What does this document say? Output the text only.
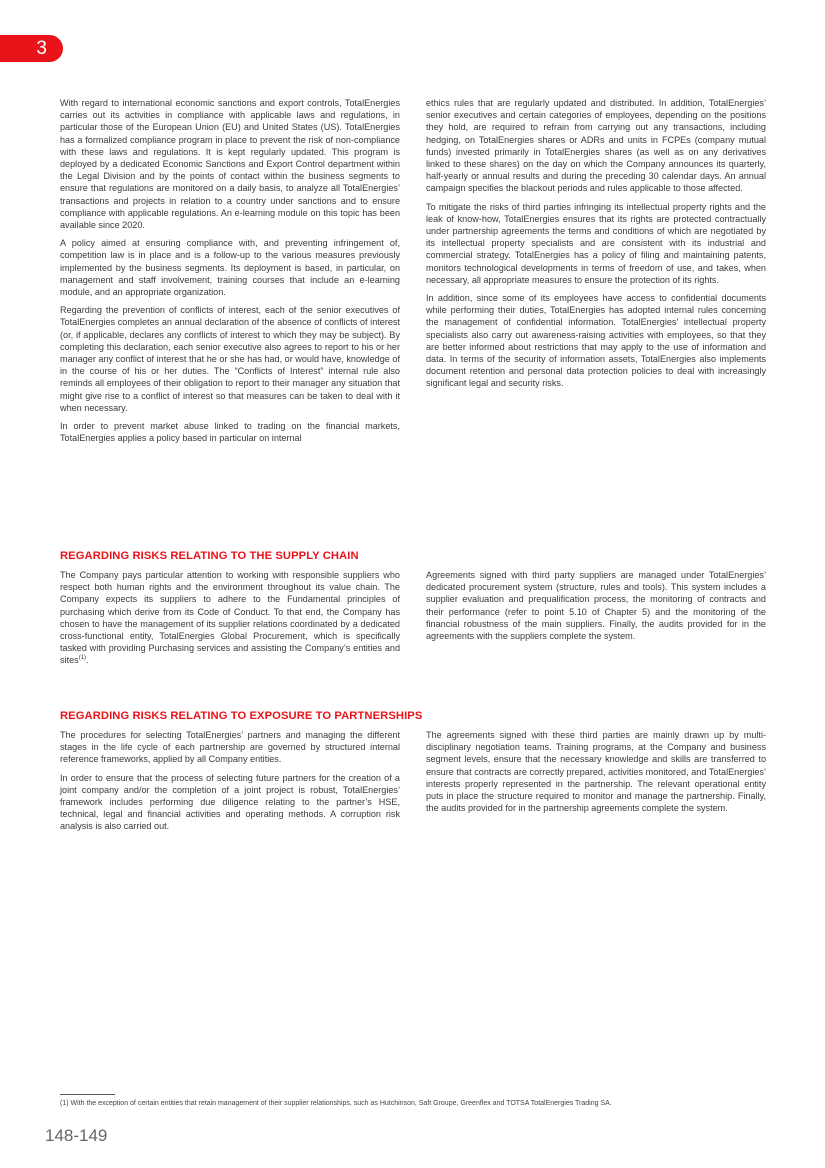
3

With regard to international economic sanctions and export controls, TotalEnergies carries out its activities in compliance with applicable laws and regulations, in particular those of the European Union (EU) and United States (US). TotalEnergies has a formalized compliance program in place to prevent the risk of non-compliance with these laws and regulations. It is kept regularly updated. This program is deployed by a dedicated Economic Sanctions and Export Control department within the Legal Division and by the points of contact within the business segments to ensure that regulations are monitored on a daily basis, to analyze all TotalEnergies’ transactions and projects in relation to a country under sanctions and to ensure compliance with applicable regulations. An e-learning module on this topic has been available since 2020.

A policy aimed at ensuring compliance with, and preventing infringement of, competition law is in place and is a follow-up to the various measures previously implemented by the business segments. Its deployment is based, in particular, on management and staff involvement, training courses that include an e-learning module, and an appropriate organization.

Regarding the prevention of conflicts of interest, each of the senior executives of TotalEnergies completes an annual declaration of the absence of conflicts of interest (or, if applicable, declares any conflicts of interest to which they may be subject). By completing this declaration, each senior executive also agrees to report to his or her manager any conflict of interest that he or she has had, or would have, knowledge of in the course of his or her duties. The “Conflicts of Interest” internal rule also reminds all employees of their obligation to report to their manager any situation that might give rise to a conflict of interest so that measures can be taken to deal with it when necessary.

In order to prevent market abuse linked to trading on the financial markets, TotalEnergies applies a policy based in particular on internal

ethics rules that are regularly updated and distributed. In addition, TotalEnergies’ senior executives and certain categories of employees, depending on the positions they hold, are required to refrain from carrying out any transactions, including hedging, on TotalEnergies shares or ADRs and units in FCPEs (company mutual funds) invested primarily in TotalEnergies shares (as well as on any derivatives linked to these shares) on the day on which the Company announces its quarterly, half-yearly or annual results and during the preceding 30 calendar days. An annual campaign specifies the blackout periods and rules applicable to those affected.

To mitigate the risks of third parties infringing its intellectual property rights and the leak of know-how, TotalEnergies ensures that its rights are protected contractually under partnership agreements the terms and conditions of which are negotiated by its intellectual property specialists and are consistent with its industrial and commercial strategy. TotalEnergies has a policy of filing and maintaining patents, monitors technological developments in terms of freedom of use, and takes, when necessary, all appropriate measures to ensure the protection of its rights.

In addition, since some of its employees have access to confidential documents while performing their duties, TotalEnergies has adopted internal rules concerning the management of confidential information. TotalEnergies’ intellectual property specialists also carry out awareness-raising activities with employees, so that they are better informed about restrictions that may apply to the use of information and data. In terms of the security of information assets, TotalEnergies also implements document retention and personal data protection policies to deal with increasingly significant legal and security risks.

REGARDING RISKS RELATING TO THE SUPPLY CHAIN

The Company pays particular attention to working with responsible suppliers who respect both human rights and the environment throughout its value chain. The Company expects its suppliers to adhere to the Fundamental principles of purchasing which derive from its Code of Conduct. To that end, the Company has chosen to have the management of its supplier relations coordinated by a dedicated cross-functional entity, TotalEnergies Global Procurement, which is specifically tasked with providing Purchasing services and assisting the Company’s entities and sites$^{(1)}$.

Agreements signed with third party suppliers are managed under TotalEnergies’ dedicated procurement system (structure, rules and tools). This system includes a supplier evaluation and prequalification process, the monitoring of contracts and their performance (refer to point 5.10 of Chapter 5) and the monitoring of the financial robustness of the main suppliers. Finally, the audits provided for in the agreements with the suppliers complete the system.

REGARDING RISKS RELATING TO EXPOSURE TO PARTNERSHIPS

The procedures for selecting TotalEnergies’ partners and managing the different stages in the life cycle of each partnership are governed by structured internal reference frameworks, applied by all Company entities.

In order to ensure that the process of selecting future partners for the creation of a joint company and/or the completion of a joint project is robust, TotalEnergies’ framework includes performing due diligence relating to the partner’s HSE, technical, legal and financial activities and operating methods. A corruption risk analysis is also carried out.

The agreements signed with these third parties are mainly drawn up by multi-disciplinary negotiation teams. Training programs, at the Company and business segment levels, ensure that the necessary knowledge and skills are transferred to ensure that contracts are correctly prepared, activities monitored, and TotalEnergies’ interests properly represented in the partnership. The relevant operational entity puts in place the structure required to monitor and manage the partnership. Finally, the audits provided for in the partnership agreements complete the system.

(1) With the exception of certain entities that retain management of their supplier relationships, such as Hutchinson, Saft Groupe, Greenflex and TOTSA TotalEnergies Trading SA.
148-149
